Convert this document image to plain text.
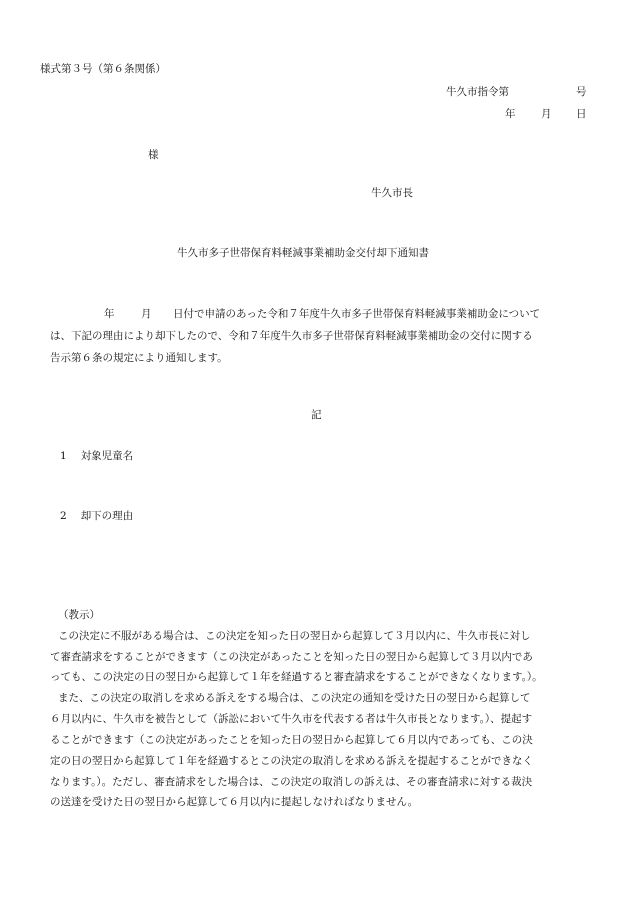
様式第３号（第６条関係）
牛久市指令第	号
年 月 日
様
牛久市長
牛久市多子世帯保育料軽減事業補助金交付却下通知書
年	月 日付で申請のあった令和７年度牛久市多子世帯保育料軽減事業補助金について
は、下記の理由により却下したので、令和７年度牛久市多子世帯保育料軽減事業補助金の交付に関する
告示第６条の規定により通知します。
記
1 対象児童名
2 却下の理由
（教示）
この決定に不服がある場合は、この決定を知った日の翌日から起算して３月以内に、牛久市長に対し
て審査請求をすることができます（この決定があったことを知った日の翌日から起算して３月以内であ
っても、この決定の日の翌日から起算して１年を経過すると審査請求をすることができなくなります。）。
また、この決定の取消しを求める訴えをする場合は、この決定の通知を受けた日の翌日から起算して
６月以内に、牛久市を被告として（訴訟において牛久市を代表する者は牛久市長となります。）、提起す
ることができます（この決定があったことを知った日の翌日から起算して６月以内であっても、この決
定の日の翌日から起算して１年を経過するとこの決定の取消しを求める訴えを提起することができなく
なります。）。ただし、審査請求をした場合は、この決定の取消しの訴えは、その審査請求に対する裁決
の送達を受けた日の翌日から起算して６月以内に提起しなければなりません。
